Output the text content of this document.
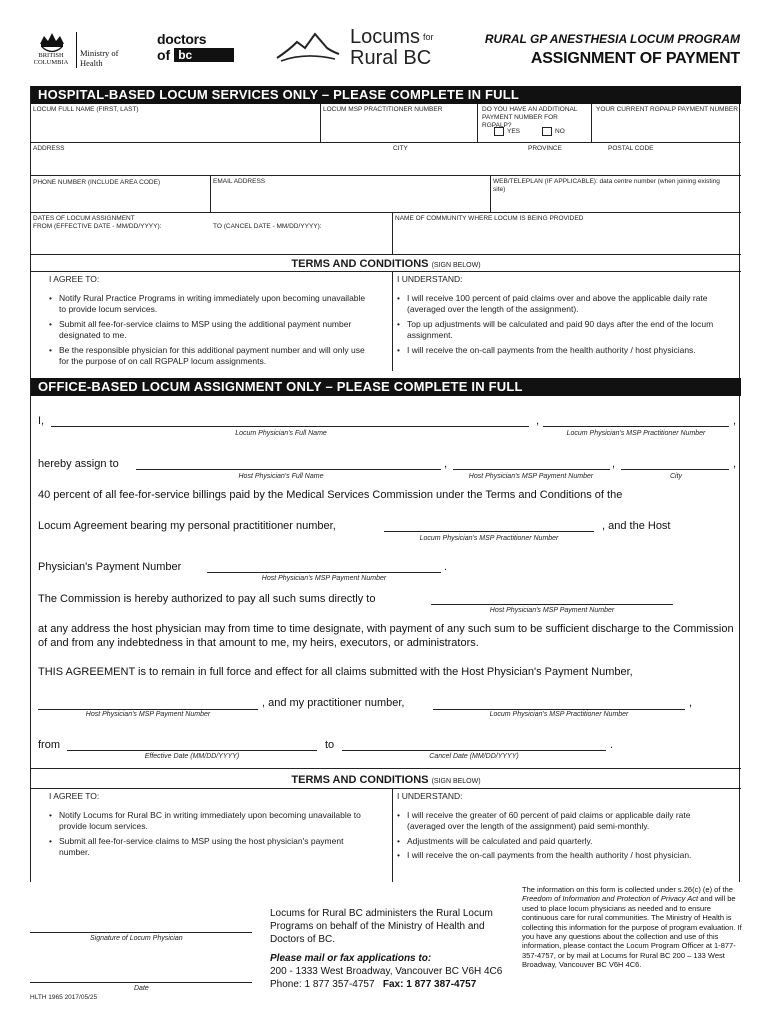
BRITISH COLUMBIA
Ministry of
Health
doctors
of bc
Locums $^{for}$
Rural BC
RURAL GP ANESTHESIA LOCUM PROGRAM
ASSIGNMENT OF PAYMENT
HOSPITAL-BASED LOCUM SERVICES ONLY – PLEASE COMPLETE IN FULL
LOCUM FULL NAME (FIRST, LAST)	LOCUM MSP PRACTITIONER NUMBER	DO YOU HAVE AN ADDITIONAL PAYMENT NUMBER FOR RGPALP?
YES	NO
YOUR CURRENT RGPALP PAYMENT NUMBER
ADDRESS	CITY	PROVINCE	POSTAL CODE
PHONE NUMBER (INCLUDE AREA CODE)	EMAIL ADDRESS	WEB/TELEPLAN (IF APPLICABLE): data centre number (when joining existing site)
DATES OF LOCUM ASSIGNMENT
FROM (EFFECTIVE DATE - MM/DD/YYYY):	TO (CANCEL DATE - MM/DD/YYYY):
NAME OF COMMUNITY WHERE LOCUM IS BEING PROVIDED
TERMS AND CONDITIONS (SIGN BELOW)
I AGREE TO:
• Notify Rural Practice Programs in writing immediately upon becoming unavailable to provide locum services.
• Submit all fee-for-service claims to MSP using the additional payment number designated to me.
• Be the responsible physician for this additional payment number and will only use for the purpose of on call RGPALP locum assignments.
I UNDERSTAND:
• I will receive 100 percent of paid claims over and above the applicable daily rate (averaged over the length of the assignment).
• Top up adjustments will be calculated and paid 90 days after the end of the locum assignment.
• I will receive the on-call payments from the health authority / host physicians.
OFFICE-BASED LOCUM ASSIGNMENT ONLY – PLEASE COMPLETE IN FULL
I,	,	,
Locum Physician's Full Name	Locum Physician's MSP Practitioner Number
hereby assign to	,	,	,
Host Physician's Full Name	Host Physician's MSP Payment Number	City
40 percent of all fee-for-service billings paid by the Medical Services Commission under the Terms and Conditions of the
Locum Agreement bearing my personal practititioner number,	, and the Host
Locum Physician's MSP Practitioner Number
Physician's Payment Number	.
Host Physician's MSP Payment Number
The Commission is hereby authorized to pay all such sums directly to
Host Physician's MSP Payment Number
at any address the host physician may from time to time designate, with payment of any such sum to be sufficient discharge to the Commission of and from any indebtedness in that amount to me, my heirs, executors, or administrators.
THIS AGREEMENT is to remain in full force and effect for all claims submitted with the Host Physician's Payment Number,
, and my practitioner number,	,
Host Physician's MSP Payment Number	Locum Physician's MSP Practitioner Number
from	to	.
Effective Date (MM/DD/YYYY)	Cancel Date (MM/DD/YYYY)
TERMS AND CONDITIONS (SIGN BELOW)
I AGREE TO:
• Notify Locums for Rural BC in writing immediately upon becoming unavailable to provide locum services.
• Submit all fee-for-service claims to MSP using the host physician's payment number.
I UNDERSTAND:
• I will receive the greater of 60 percent of paid claims or applicable daily rate (averaged over the length of the assignment) paid semi-monthly.
• Adjustments will be calculated and paid quarterly.
• I will receive the on-call payments from the health authority / host physician.
Signature of Locum Physician
Date
Locums for Rural BC administers the Rural Locum Programs on behalf of the Ministry of Health and Doctors of BC.
Please mail or fax applications to:
200 - 1333 West Broadway, Vancouver BC V6H 4C6
Phone: 1 877 357-4757 Fax: 1 877 387-4757
The information on this form is collected under s.26(c) (e) of the Freedom of Information and Protection of Privacy Act and will be used to place locum physicians as needed and to ensure continuous care for rural communities. The Ministry of Health is collecting this information for the purpose of program evaluation. If you have any questions about the collection and use of this information, please contact the Locum Program Officer at 1-877-357-4757, or by mail at Locums for Rural BC 200 – 133 West Broadway, Vancouver BC V6H 4C6.
HLTH 1965 2017/05/25
